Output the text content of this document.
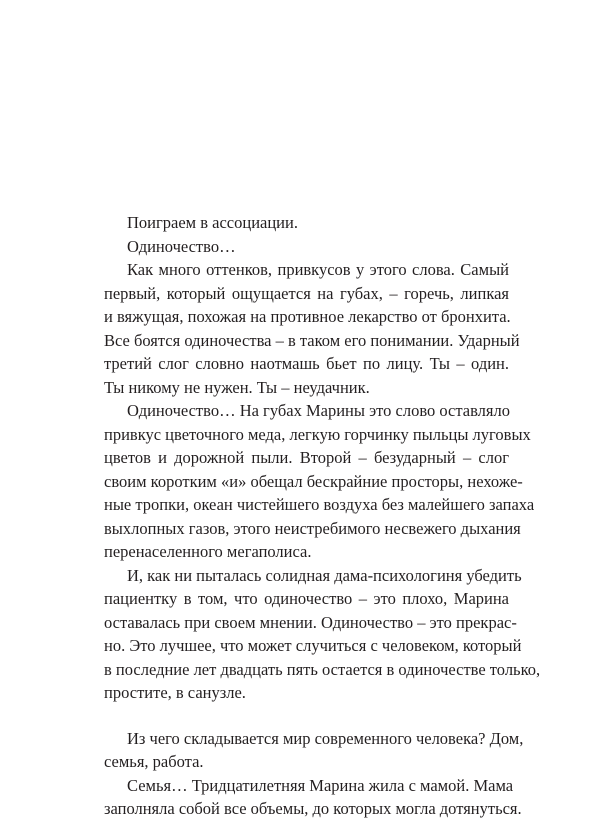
Поиграем в ассоциации.
Одиночество…
Как много оттенков, привкусов у этого слова. Самый
первый, который ощущается на губах, – горечь, липкая
и вяжущая, похожая на противное лекарство от бронхита.
Все боятся одиночества – в таком его понимании. Ударный
третий слог словно наотмашь бьет по лицу. Ты – один.
Ты никому не нужен. Ты – неудачник.
Одиночество… На губах Марины это слово оставляло
привкус цветочного меда, легкую горчинку пыльцы луговых
цветов и дорожной пыли. Второй – безударный – слог
своим коротким «и» обещал бескрайние просторы, нехоже-
ные тропки, океан чистейшего воздуха без малейшего запаха
выхлопных газов, этого неистребимого несвежего дыхания
перенаселенного мегаполиса.
И, как ни пыталась солидная дама-психологиня убедить
пациентку в том, что одиночество – это плохо, Марина
оставалась при своем мнении. Одиночество – это прекрас-
но. Это лучшее, что может случиться с человеком, который
в последние лет двадцать пять остается в одиночестве только,
простите, в санузле.
Из чего складывается мир современного человека? Дом,
семья, работа.
Семья… Тридцатилетняя Марина жила с мамой. Мама
заполняла собой все объемы, до которых могла дотянуться.
